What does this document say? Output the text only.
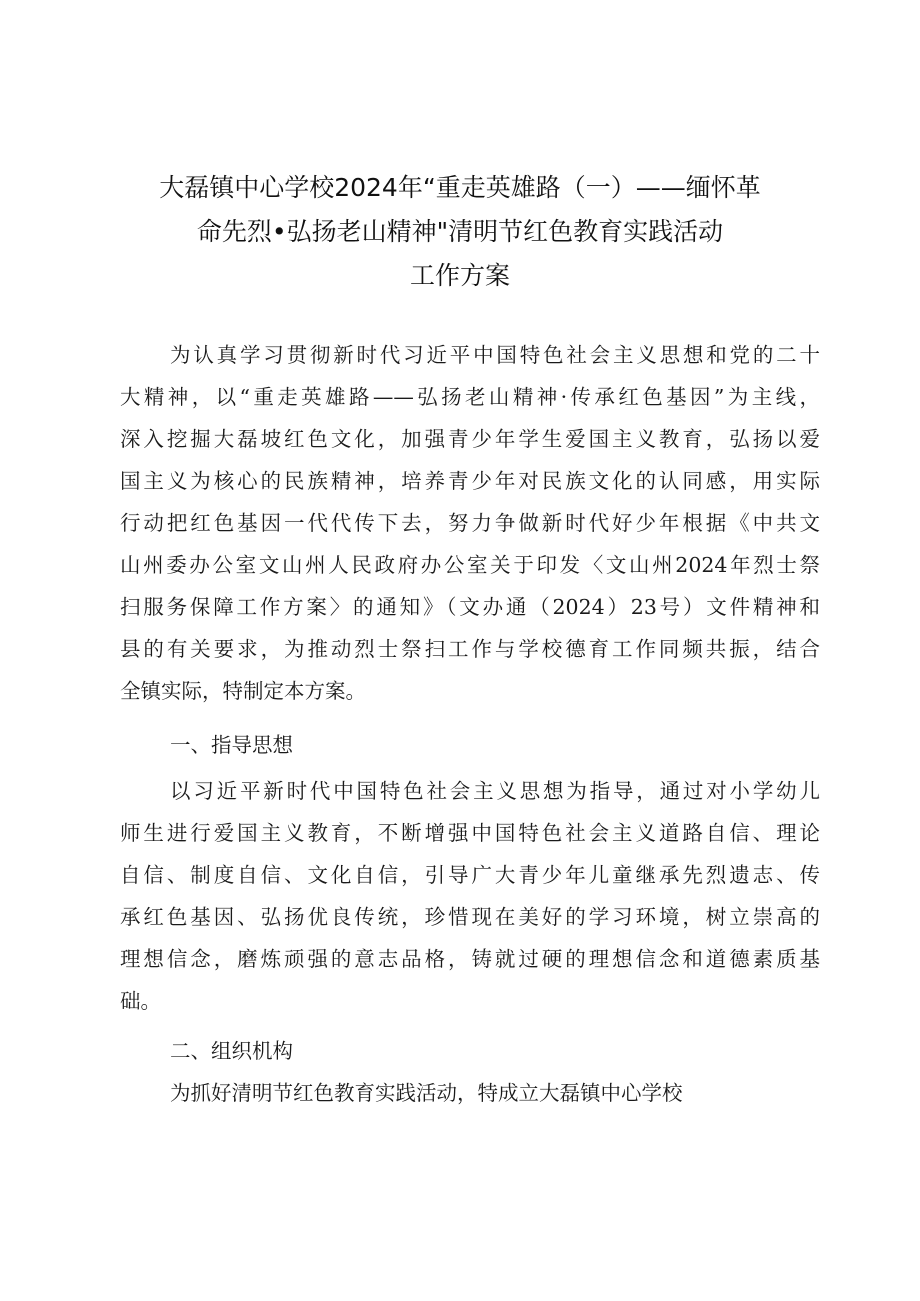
大磊镇中心学校2024年“重走英雄路（一）——缅怀革
命先烈•弘扬老山精神"清明节红色教育实践活动
工作方案
为认真学习贯彻新时代习近平中国特色社会主义思想和党的二十
大精神，以“重走英雄路——弘扬老山精神·传承红色基因”为主线，
深入挖掘大磊坡红色文化，加强青少年学生爱国主义教育，弘扬以爱
国主义为核心的民族精神，培养青少年对民族文化的认同感，用实际
行动把红色基因一代代传下去，努力争做新时代好少年根据《中共文
山州委办公室文山州人民政府办公室关于印发〈文山州2024年烈士祭
扫服务保障工作方案〉的通知》（文办通（2024）23号）文件精神和
县的有关要求，为推动烈士祭扫工作与学校德育工作同频共振，结合
全镇实际，特制定本方案。
一、指导思想
以习近平新时代中国特色社会主义思想为指导，通过对小学幼儿
师生进行爱国主义教育，不断增强中国特色社会主义道路自信、理论
自信、制度自信、文化自信，引导广大青少年儿童继承先烈遗志、传
承红色基因、弘扬优良传统，珍惜现在美好的学习环境，树立崇高的
理想信念，磨炼顽强的意志品格，铸就过硬的理想信念和道德素质基
础。
二、组织机构
为抓好清明节红色教育实践活动，特成立大磊镇中心学校
